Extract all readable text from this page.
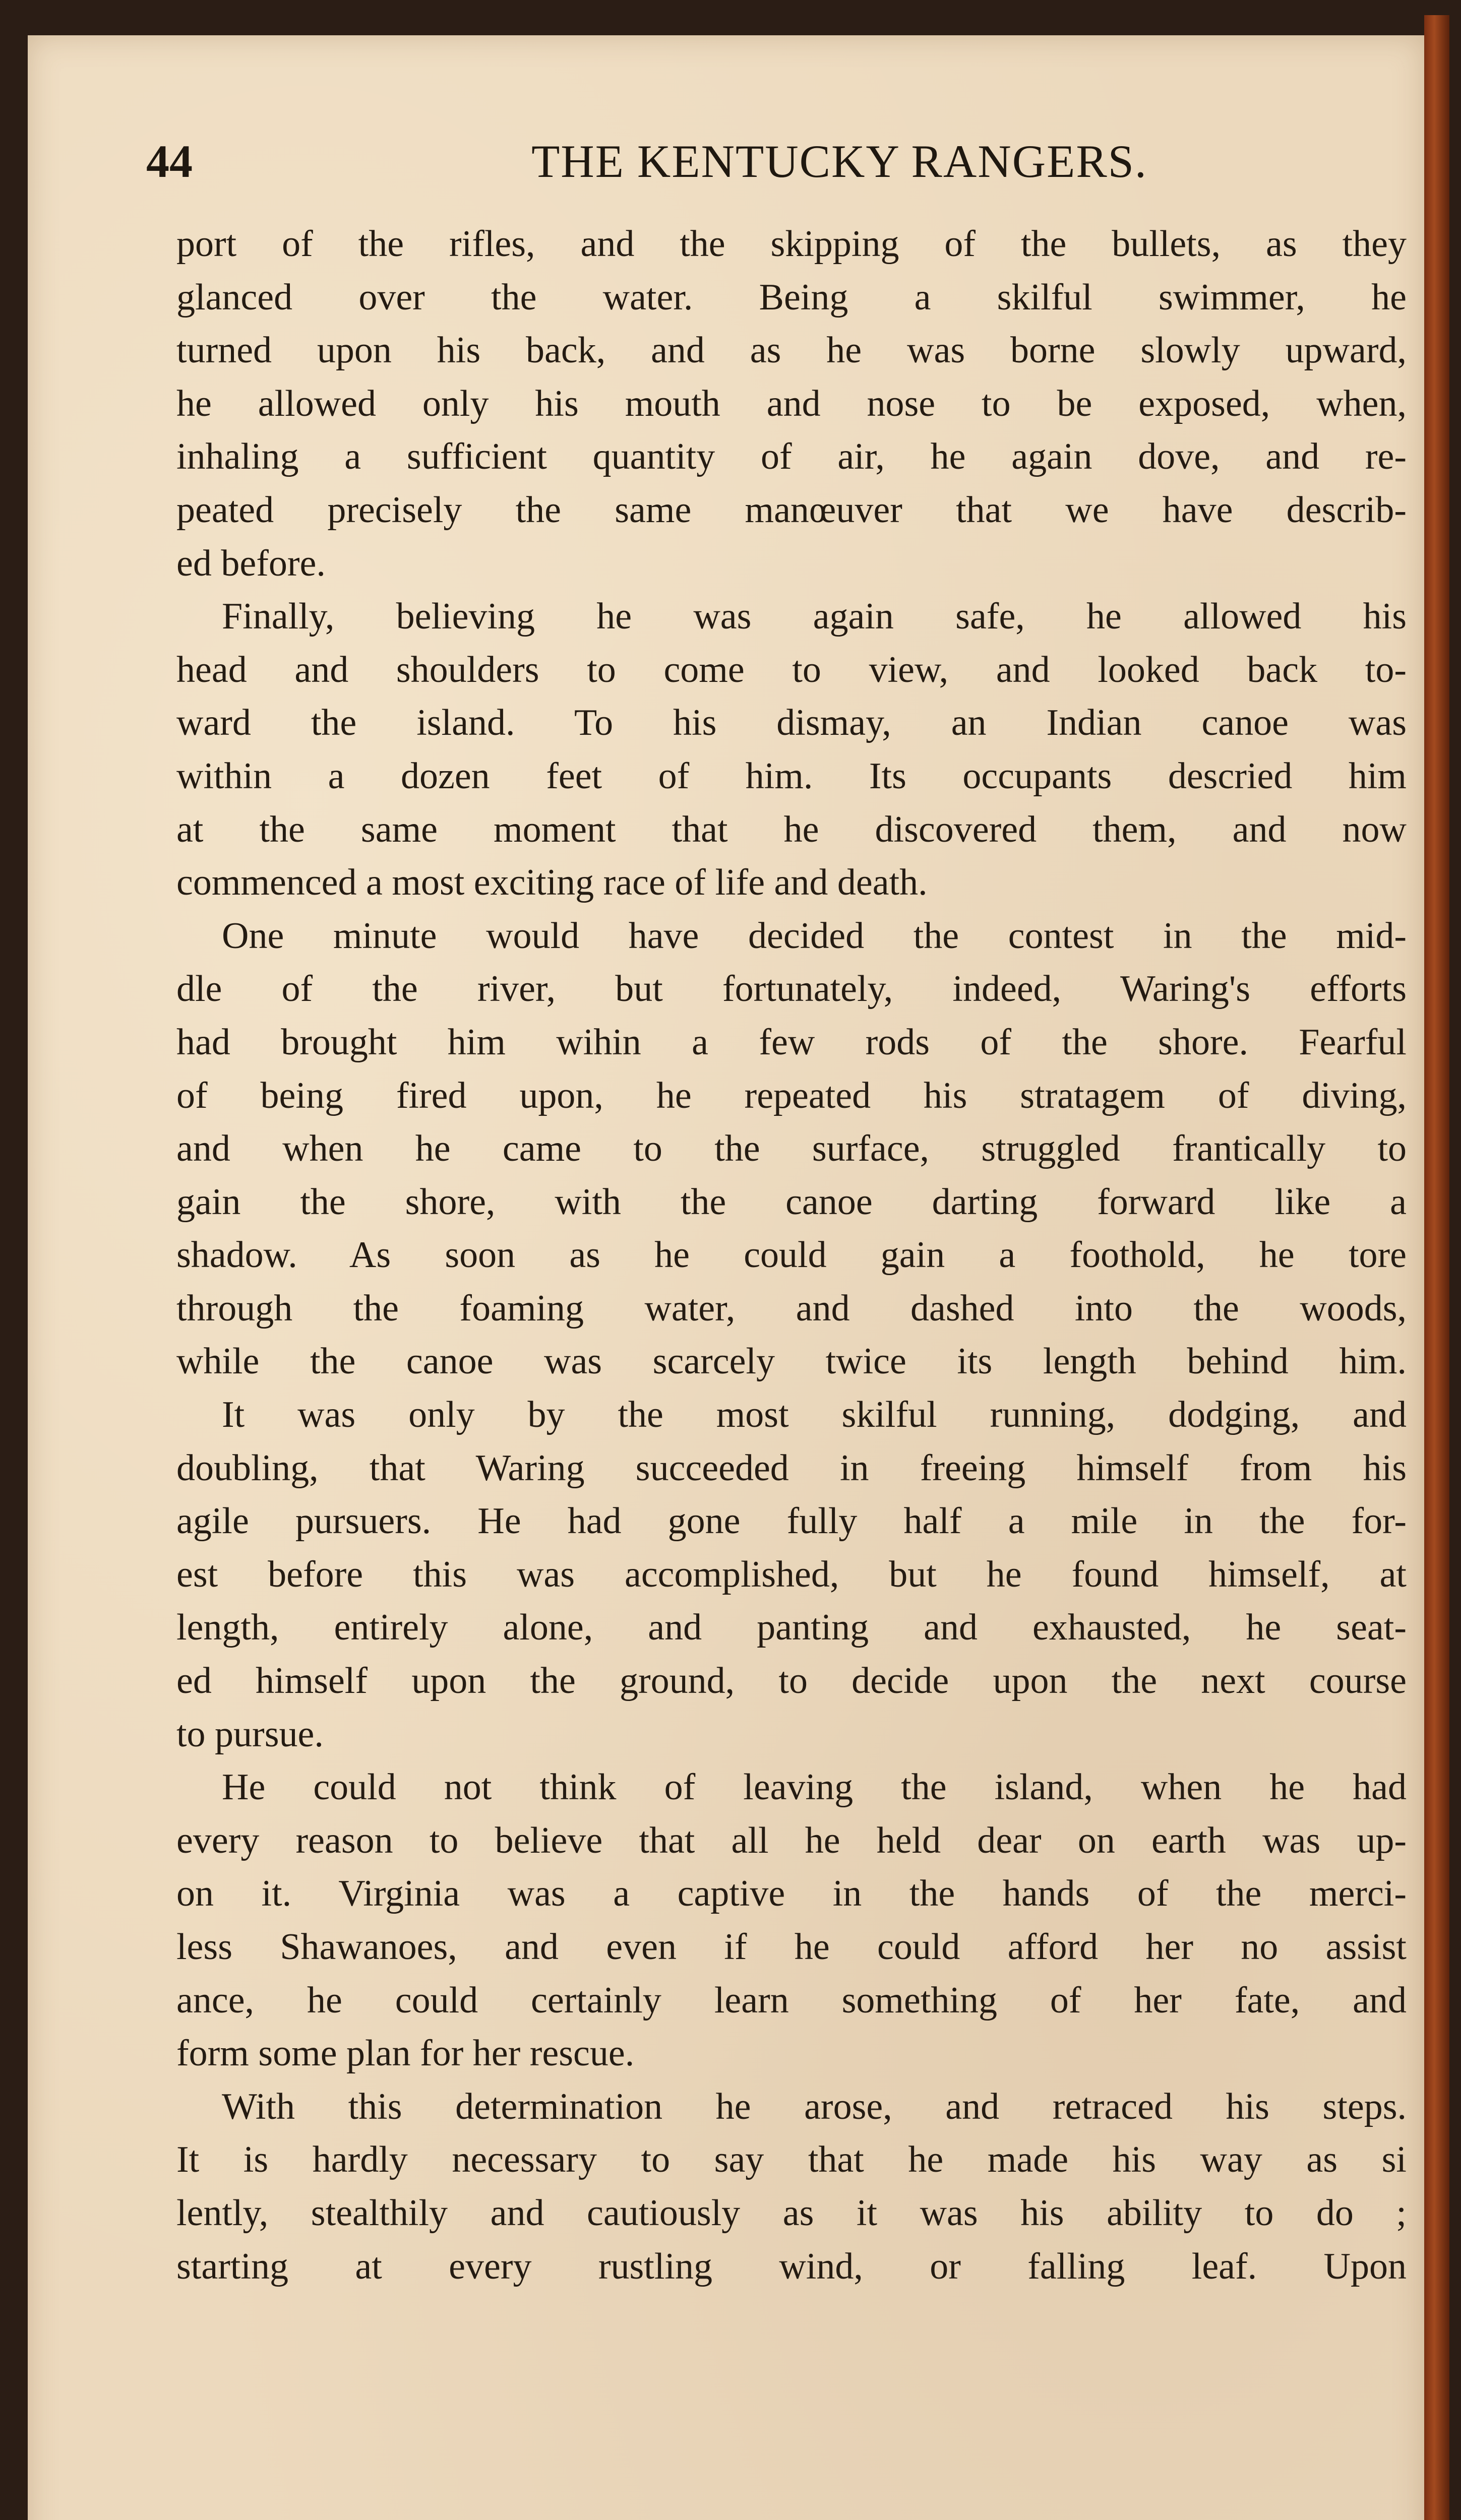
44	THE KENTUCKY RANGERS.
port of the rifles, and the skipping of the bullets, as they
glanced over the water. Being a skilful swimmer, he
turned upon his back, and as he was borne slowly upward,
he allowed only his mouth and nose to be exposed, when,
inhaling a sufficient quantity of air, he again dove, and re-
peated precisely the same manœuver that we have describ-
ed before.
Finally, believing he was again safe, he allowed his
head and shoulders to come to view, and looked back to-
ward the island. To his dismay, an Indian canoe was
within a dozen feet of him. Its occupants descried him
at the same moment that he discovered them, and now
commenced a most exciting race of life and death.
One minute would have decided the contest in the mid-
dle of the river, but fortunately, indeed, Waring's efforts
had brought him wihin a few rods of the shore. Fearful
of being fired upon, he repeated his stratagem of diving,
and when he came to the surface, struggled frantically to
gain the shore, with the canoe darting forward like a
shadow. As soon as he could gain a foothold, he tore
through the foaming water, and dashed into the woods,
while the canoe was scarcely twice its length behind him.
It was only by the most skilful running, dodging, and
doubling, that Waring succeeded in freeing himself from his
agile pursuers. He had gone fully half a mile in the for-
est before this was accomplished, but he found himself, at
length, entirely alone, and panting and exhausted, he seat-
ed himself upon the ground, to decide upon the next course
to pursue.
He could not think of leaving the island, when he had
every reason to believe that all he held dear on earth was up-
on it. Virginia was a captive in the hands of the merci-
less Shawanoes, and even if he could afford her no assist
ance, he could certainly learn something of her fate, and
form some plan for her rescue.
With this determination he arose, and retraced his steps.
It is hardly necessary to say that he made his way as si
lently, stealthily and cautiously as it was his ability to do ;
starting at every rustling wind, or falling leaf. Upon
